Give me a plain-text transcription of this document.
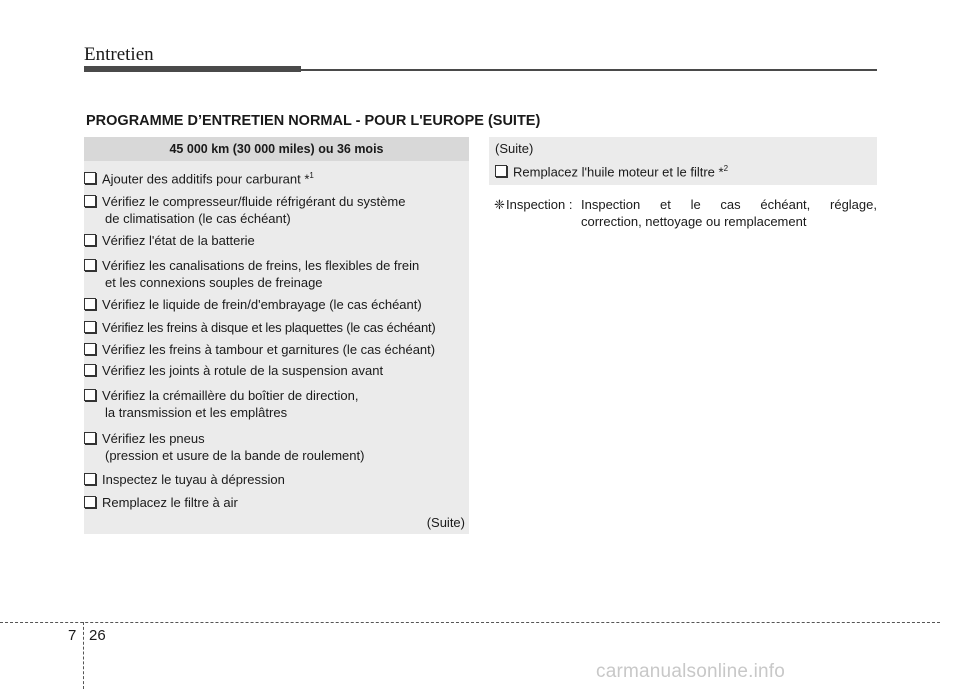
Entretien
PROGRAMME D’ENTRETIEN NORMAL - POUR L'EUROPE (SUITE)
45 000 km (30 000 miles) ou 36 mois
Ajouter des additifs pour carburant *$^1$
Vérifiez le compresseur/fluide réfrigérant du système
de climatisation (le cas échéant)
Vérifiez l'état de la batterie
Vérifiez les canalisations de freins, les flexibles de frein
et les connexions souples de freinage
Vérifiez le liquide de frein/d'embrayage (le cas échéant)
Vérifiez les freins à disque et les plaquettes (le cas échéant)
Vérifiez les freins à tambour et garnitures (le cas échéant)
Vérifiez les joints à rotule de la suspension avant
Vérifiez la crémaillère du boîtier de direction,
la transmission et les emplâtres
Vérifiez les pneus
(pression et usure de la bande de roulement)
Inspectez le tuyau à dépression
Remplacez le filtre à air
(Suite)
(Suite)
Remplacez l'huile moteur et le filtre *$^2$
❈ Inspection : Inspection et le cas échéant, réglage,
correction, nettoyage ou remplacement
7 26
carmanualsonline.info
